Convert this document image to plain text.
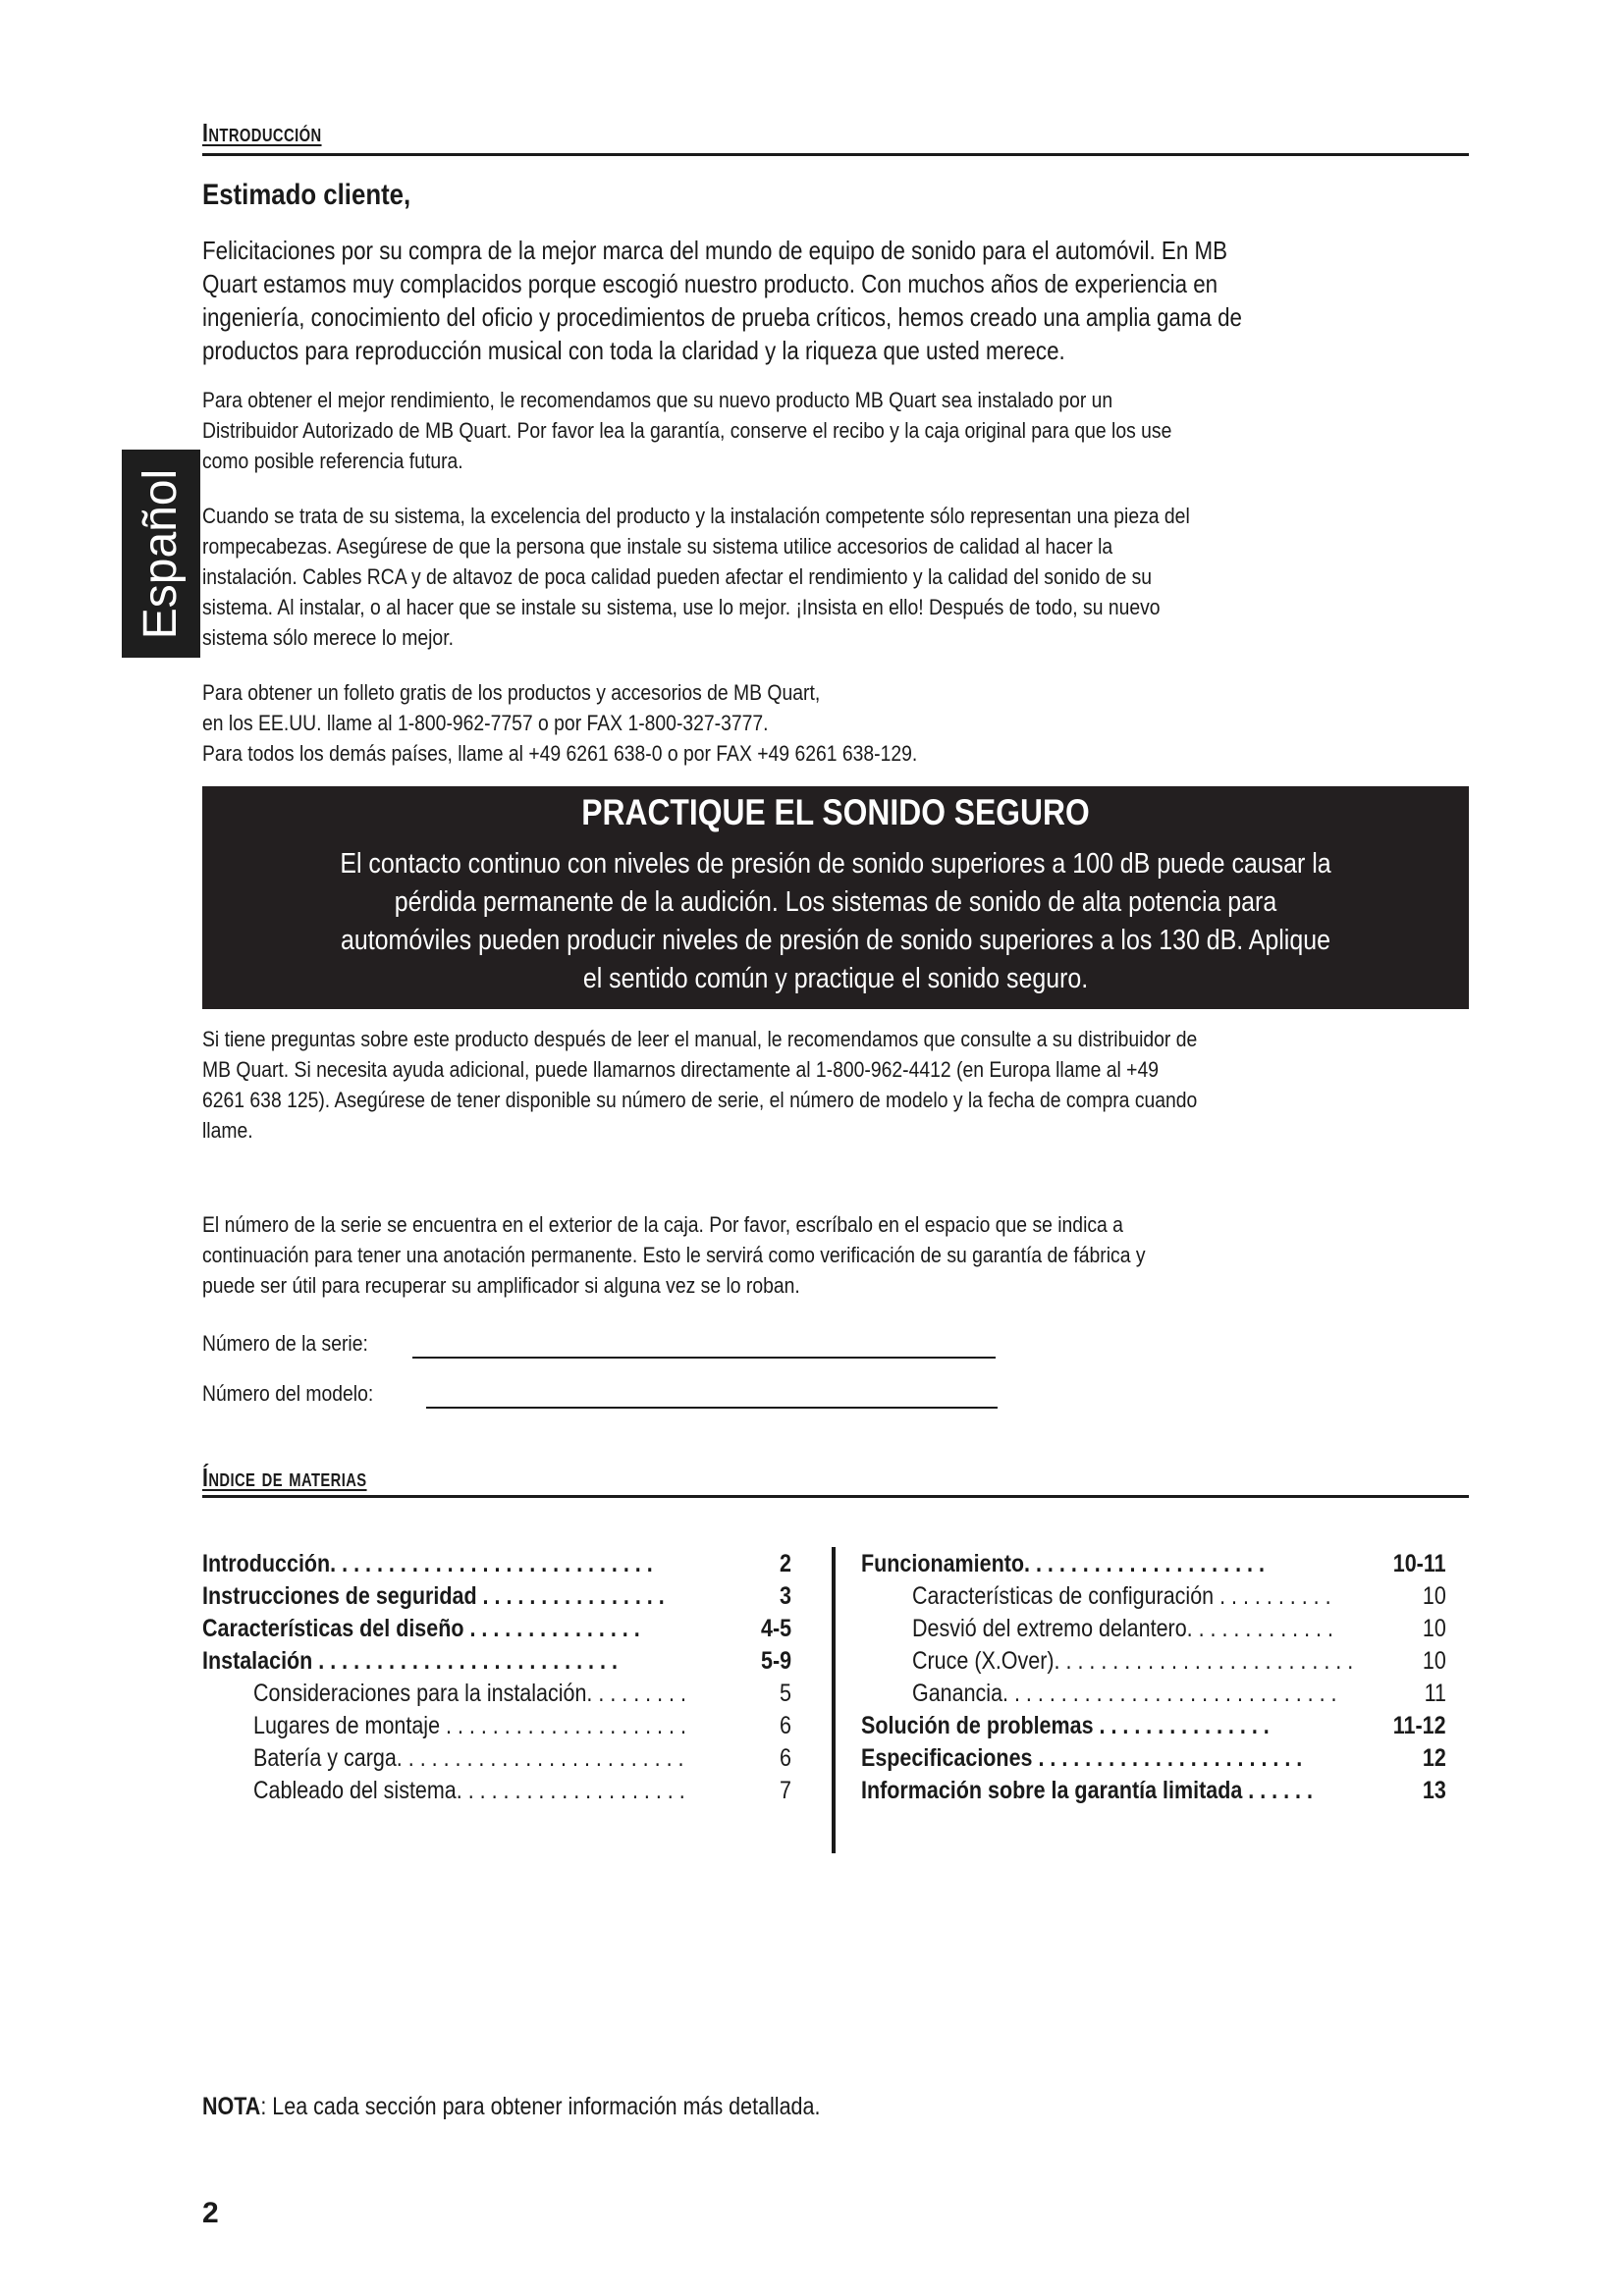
Español
Introducción
Estimado cliente,
Felicitaciones por su compra de la mejor marca del mundo de equipo de sonido para el automóvil. En MB
Quart estamos muy complacidos porque escogió nuestro producto. Con muchos años de experiencia en
ingeniería, conocimiento del oficio y procedimientos de prueba críticos, hemos creado una amplia gama de
productos para reproducción musical con toda la claridad y la riqueza que usted merece.
Para obtener el mejor rendimiento, le recomendamos que su nuevo producto MB Quart sea instalado por un
Distribuidor Autorizado de MB Quart. Por favor lea la garantía, conserve el recibo y la caja original para que los use
como posible referencia futura.
Cuando se trata de su sistema, la excelencia del producto y la instalación competente sólo representan una pieza del
rompecabezas. Asegúrese de que la persona que instale su sistema utilice accesorios de calidad al hacer la
instalación. Cables RCA y de altavoz de poca calidad pueden afectar el rendimiento y la calidad del sonido de su
sistema. Al instalar, o al hacer que se instale su sistema, use lo mejor. ¡Insista en ello! Después de todo, su nuevo
sistema sólo merece lo mejor.
Para obtener un folleto gratis de los productos y accesorios de MB Quart,
en los EE.UU. llame al 1-800-962-7757 o por FAX 1-800-327-3777.
Para todos los demás países, llame al +49 6261 638-0 o por FAX +49 6261 638-129.
PRACTIQUE EL SONIDO SEGURO
El contacto continuo con niveles de presión de sonido superiores a 100 dB puede causar la
pérdida permanente de la audición. Los sistemas de sonido de alta potencia para
automóviles pueden producir niveles de presión de sonido superiores a los 130 dB. Aplique
el sentido común y practique el sonido seguro.
Si tiene preguntas sobre este producto después de leer el manual, le recomendamos que consulte a su distribuidor de
MB Quart. Si necesita ayuda adicional, puede llamarnos directamente al 1-800-962-4412 (en Europa llame al +49
6261 638 125). Asegúrese de tener disponible su número de serie, el número de modelo y la fecha de compra cuando
llame.
El número de la serie se encuentra en el exterior de la caja. Por favor, escríbalo en el espacio que se indica a
continuación para tener una anotación permanente. Esto le servirá como verificación de su garantía de fábrica y
puede ser útil para recuperar su amplificador si alguna vez se lo roban.
Número de la serie:
Número del modelo:
Índice de materias
Introducción. . . . . . . . . . . . . . . . . . . . . . . . . . . .	2
Instrucciones de seguridad . . . . . . . . . . . . . . . .	3
Características del diseño . . . . . . . . . . . . . . .	4-5
Instalación . . . . . . . . . . . . . . . . . . . . . . . . . .	5-9
Consideraciones para la instalación. . . . . . . . .	5
Lugares de montaje . . . . . . . . . . . . . . . . . . . . .	6
Batería y carga. . . . . . . . . . . . . . . . . . . . . . . . .	6
Cableado del sistema. . . . . . . . . . . . . . . . . . . .	7
Funcionamiento. . . . . . . . . . . . . . . . . . . . .	10-11
Características de configuración . . . . . . . . . .	10
Desvió del extremo delantero. . . . . . . . . . . . .	10
Cruce (X.Over). . . . . . . . . . . . . . . . . . . . . . . . . .	10
Ganancia. . . . . . . . . . . . . . . . . . . . . . . . . . . . .	11
Solución de problemas . . . . . . . . . . . . . . .	11-12
Especificaciones . . . . . . . . . . . . . . . . . . . . . . .	12
Información sobre la garantía limitada . . . . . .	13
NOTA: Lea cada sección para obtener información más detallada.
2
